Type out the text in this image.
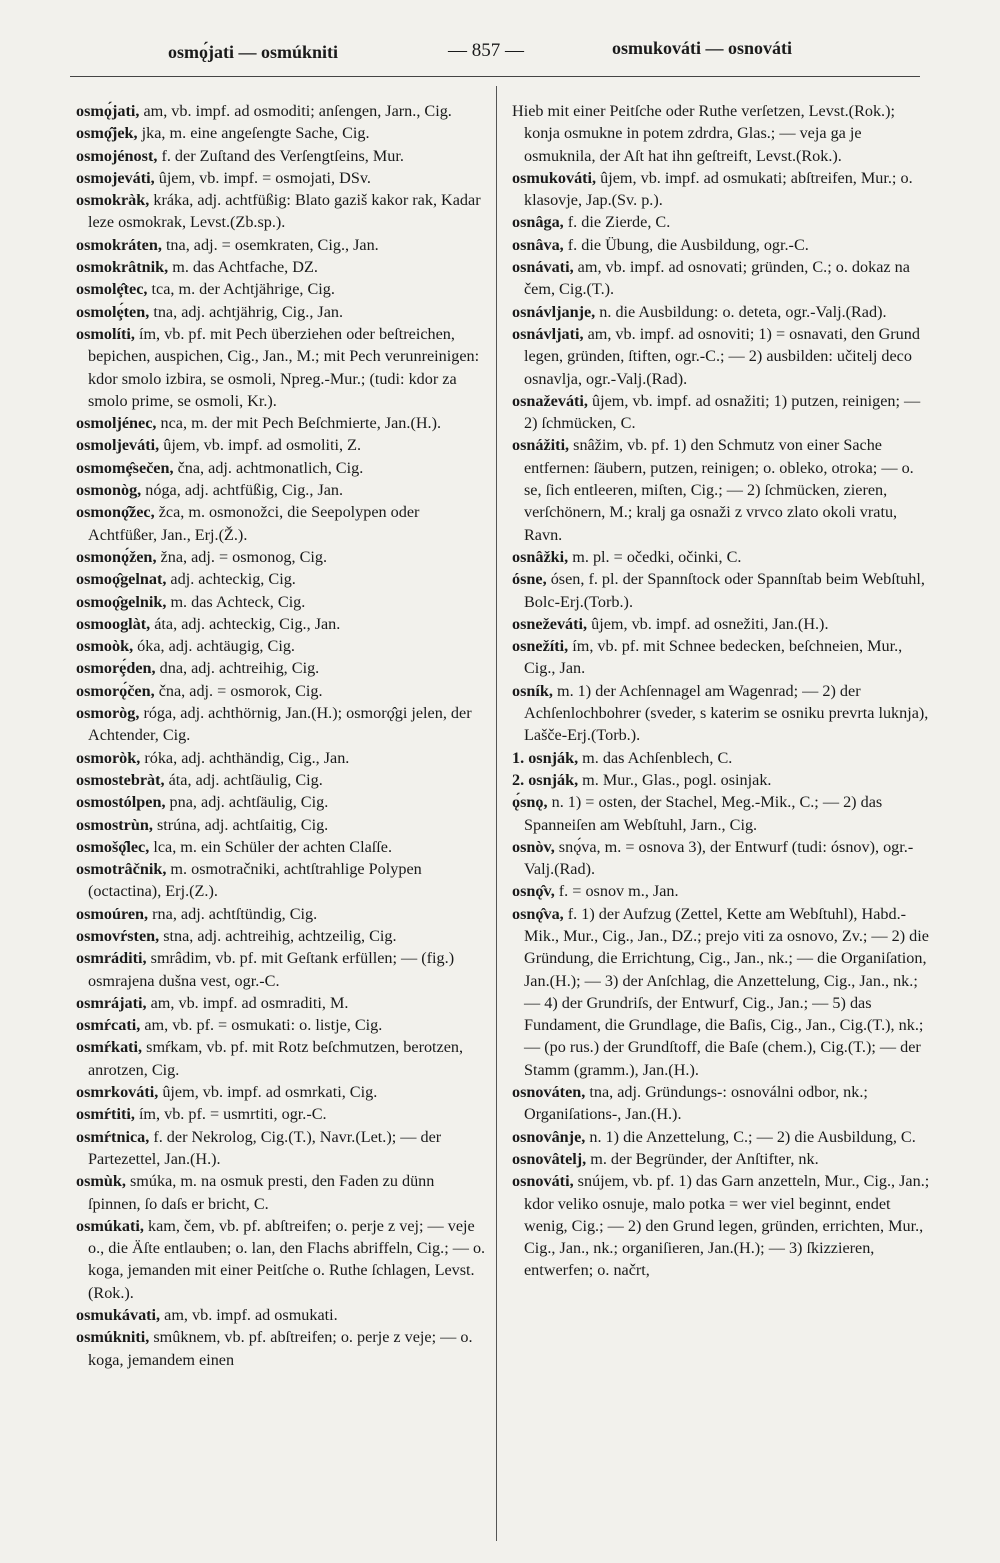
osmǫ́jati — osmúkniti	— 857 —	osmukováti — osnováti

osmǫ́jati, am, vb. impf. ad osmoditi; anſengen, Jarn., Cig.

osmǫ̂jek, jka, m. eine angeſengte Sache, Cig.

osmojénost, f. der Zuſtand des Verſengtſeins, Mur.

osmojeváti, ûjem, vb. impf. = osmojati, DSv.

osmokràk, kráka, adj. achtfüßig: Blato gaziš kakor rak, Kadar leze osmokrak, Levst.(Zb.sp.).

osmokráten, tna, adj. = osemkraten, Cig., Jan.

osmokrâtnik, m. das Achtfache, DZ.

osmolȩ̂tec, tca, m. der Achtjährige, Cig.

osmolȩ́ten, tna, adj. achtjährig, Cig., Jan.

osmolíti, ím, vb. pf. mit Pech überziehen oder beſtreichen, bepichen, auspichen, Cig., Jan., M.; mit Pech verunreinigen: kdor smolo izbira, se osmoli, Npreg.-Mur.; (tudi: kdor za smolo prime, se osmoli, Kr.).

osmoljénec, nca, m. der mit Pech Beſchmierte, Jan.(H.).

osmoljeváti, ûjem, vb. impf. ad osmoliti, Z.

osmomȩ̂sečen, čna, adj. achtmonatlich, Cig.

osmonòg, nóga, adj. achtfüßig, Cig., Jan.

osmonǫ̂žec, žca, m. osmonožci, die Seepolypen oder Achtfüßer, Jan., Erj.(Ž.).

osmonǫ́žen, žna, adj. = osmonog, Cig.

osmoǫ̂gelnat, adj. achteckig, Cig.

osmoǫ̂gelnik, m. das Achteck, Cig.

osmooglàt, áta, adj. achteckig, Cig., Jan.

osmoòk, óka, adj. achtäugig, Cig.

osmorȩ́den, dna, adj. achtreihig, Cig.

osmorǫ́čen, čna, adj. = osmorok, Cig.

osmoròg, róga, adj. achthörnig, Jan.(H.); osmorǫ̂gi jelen, der Achtender, Cig.

osmoròk, róka, adj. achthändig, Cig., Jan.

osmostebràt, áta, adj. achtſäulig, Cig.

osmostólpen, pna, adj. achtſäulig, Cig.

osmostrùn, strúna, adj. achtſaitig, Cig.

osmošǫ̂lec, lca, m. ein Schüler der achten Claſſe.

osmotrâčnik, m. osmotračniki, achtſtrahlige Polypen (octactina), Erj.(Z.).

osmoúren, rna, adj. achtſtündig, Cig.

osmovŕsten, stna, adj. achtreihig, achtzeilig, Cig.

osmráditi, smrâdim, vb. pf. mit Geſtank erfüllen; — (fig.) osmrajena dušna vest, ogr.-C.

osmrájati, am, vb. impf. ad osmraditi, M.

osmŕcati, am, vb. pf. = osmukati: o. listje, Cig.

osmŕkati, smŕkam, vb. pf. mit Rotz beſchmutzen, berotzen, anrotzen, Cig.

osmrkováti, ûjem, vb. impf. ad osmrkati, Cig.

osmŕtiti, ím, vb. pf. = usmrtiti, ogr.-C.

osmŕtnica, f. der Nekrolog, Cig.(T.), Navr.(Let.); — der Partezettel, Jan.(H.).

osmùk, smúka, m. na osmuk presti, den Faden zu dünn ſpinnen, ſo daſs er bricht, C.

osmúkati, kam, čem, vb. pf. abſtreifen; o. perje z vej; — veje o., die Äſte entlauben; o. lan, den Flachs abriffeln, Cig.; — o. koga, jemanden mit einer Peitſche o. Ruthe ſchlagen, Levst.(Rok.).

osmukávati, am, vb. impf. ad osmukati.

osmúkniti, smûknem, vb. pf. abſtreifen; o. perje z veje; — o. koga, jemandem einen

Hieb mit einer Peitſche oder Ruthe verſetzen, Levst.(Rok.); konja osmukne in potem zdrdra, Glas.; — veja ga je osmuknila, der Aſt hat ihn geſtreift, Levst.(Rok.).

osmukováti, ûjem, vb. impf. ad osmukati; abſtreifen, Mur.; o. klasovje, Jap.(Sv. p.).

osnâga, f. die Zierde, C.

osnâva, f. die Übung, die Ausbildung, ogr.-C.

osnávati, am, vb. impf. ad osnovati; gründen, C.; o. dokaz na čem, Cig.(T.).

osnávljanje, n. die Ausbildung: o. deteta, ogr.-Valj.(Rad).

osnávljati, am, vb. impf. ad osnoviti; 1) = osnavati, den Grund legen, gründen, ſtiften, ogr.-C.; — 2) ausbilden: učitelj deco osnavlja, ogr.-Valj.(Rad).

osnaževáti, ûjem, vb. impf. ad osnažiti; 1) putzen, reinigen; — 2) ſchmücken, C.

osnážiti, snâžim, vb. pf. 1) den Schmutz von einer Sache entfernen: ſäubern, putzen, reinigen; o. obleko, otroka; — o. se, ſich entleeren, miſten, Cig.; — 2) ſchmücken, zieren, verſchönern, M.; kralj ga osnaži z vrvco zlato okoli vratu, Ravn.

osnâžki, m. pl. = očedki, očinki, C.

ósne, ósen, f. pl. der Spannſtock oder Spannſtab beim Webſtuhl, Bolc-Erj.(Torb.).

osneževáti, ûjem, vb. impf. ad osnežiti, Jan.(H.).

osnežíti, ím, vb. pf. mit Schnee bedecken, beſchneien, Mur., Cig., Jan.

osník, m. 1) der Achſennagel am Wagenrad; — 2) der Achſenlochbohrer (sveder, s katerim se osniku prevrta luknja), Lašče-Erj.(Torb.).

1. osnják, m. das Achſenblech, C.

2. osnják, m. Mur., Glas., pogl. osinjak.

ǫ́snǫ, n. 1) = osten, der Stachel, Meg.-Mik., C.; — 2) das Spanneiſen am Webſtuhl, Jarn., Cig.

osnòv, snǫ́va, m. = osnova 3), der Entwurf (tudi: ósnov), ogr.-Valj.(Rad).

osnǫ̂v, f. = osnov m., Jan.

osnǫ̂va, f. 1) der Aufzug (Zettel, Kette am Webſtuhl), Habd.-Mik., Mur., Cig., Jan., DZ.; prejo viti za osnovo, Zv.; — 2) die Gründung, die Errichtung, Cig., Jan., nk.; — die Organiſation, Jan.(H.); — 3) der Anſchlag, die Anzettelung, Cig., Jan., nk.; — 4) der Grundriſs, der Entwurf, Cig., Jan.; — 5) das Fundament, die Grundlage, die Baſis, Cig., Jan., Cig.(T.), nk.; — (po rus.) der Grundſtoff, die Baſe (chem.), Cig.(T.); — der Stamm (gramm.), Jan.(H.).

osnováten, tna, adj. Gründungs-: osnoválni odbor, nk.; Organiſations-, Jan.(H.).

osnovânje, n. 1) die Anzettelung, C.; — 2) die Ausbildung, C.

osnovâtelj, m. der Begründer, der Anſtifter, nk.

osnováti, snújem, vb. pf. 1) das Garn anzetteln, Mur., Cig., Jan.; kdor veliko osnuje, malo potka = wer viel beginnt, endet wenig, Cig.; — 2) den Grund legen, gründen, errichten, Mur., Cig., Jan., nk.; organiſieren, Jan.(H.); — 3) ſkizzieren, entwerfen; o. načrt,
